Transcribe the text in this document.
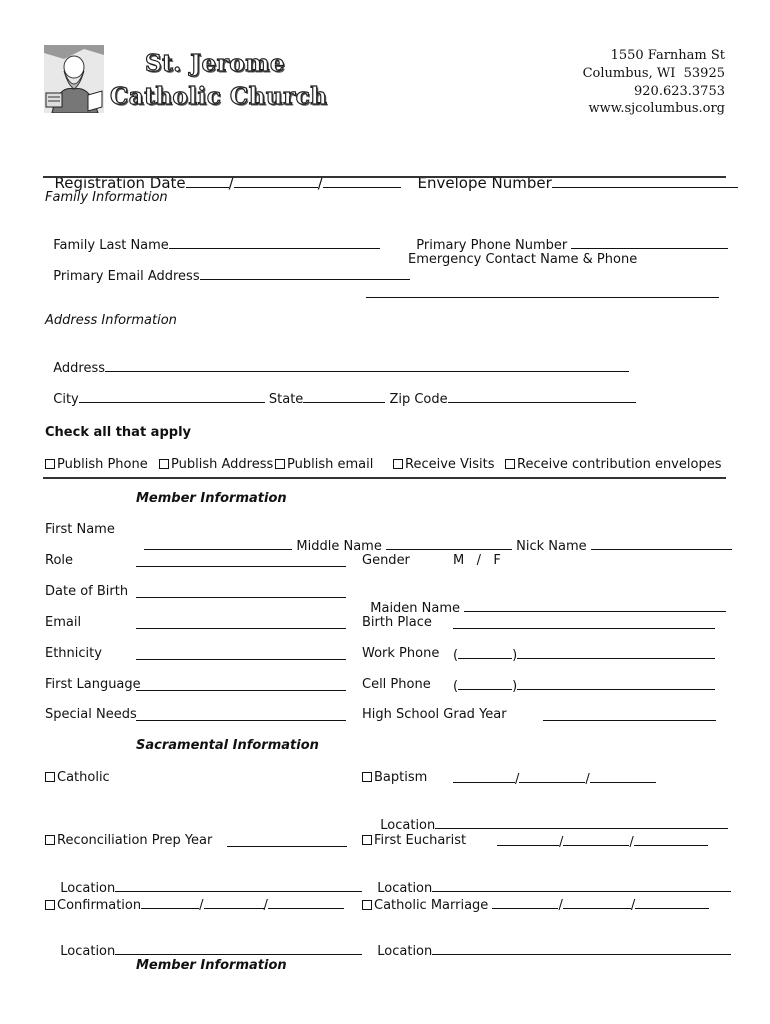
St. Jerome
Catholic Church
1550 Farnham St
Columbus, WI  53925
920.623.3753
www.sjcolumbus.org

Registration Date	/	/	Envelope Number

Family Information

Family Last Name	Primary Phone Number

Primary Email Address

Emergency Contact Name & Phone
Address Information

Address

City	State	Zip Code

Check all that apply
Publish Phone	Publish Address	Publish email	Receive Visits	Receive contribution envelopes
Member Information
First Name

Middle Name	Nick Name

Role	Gender	M   /   F
Date of Birth

Maiden Name

Email	Birth Place
Ethnicity	Work Phone (	)
First Language	Cell Phone (	)
Special Needs	High School Grad Year
Sacramental Information
Catholic	Baptism	/	/

Location

Reconciliation Prep Year	First Eucharist	/	/

Location	Location

Confirmation	/	/	Catholic Marriage	/	/

Location	Location

Member Information
